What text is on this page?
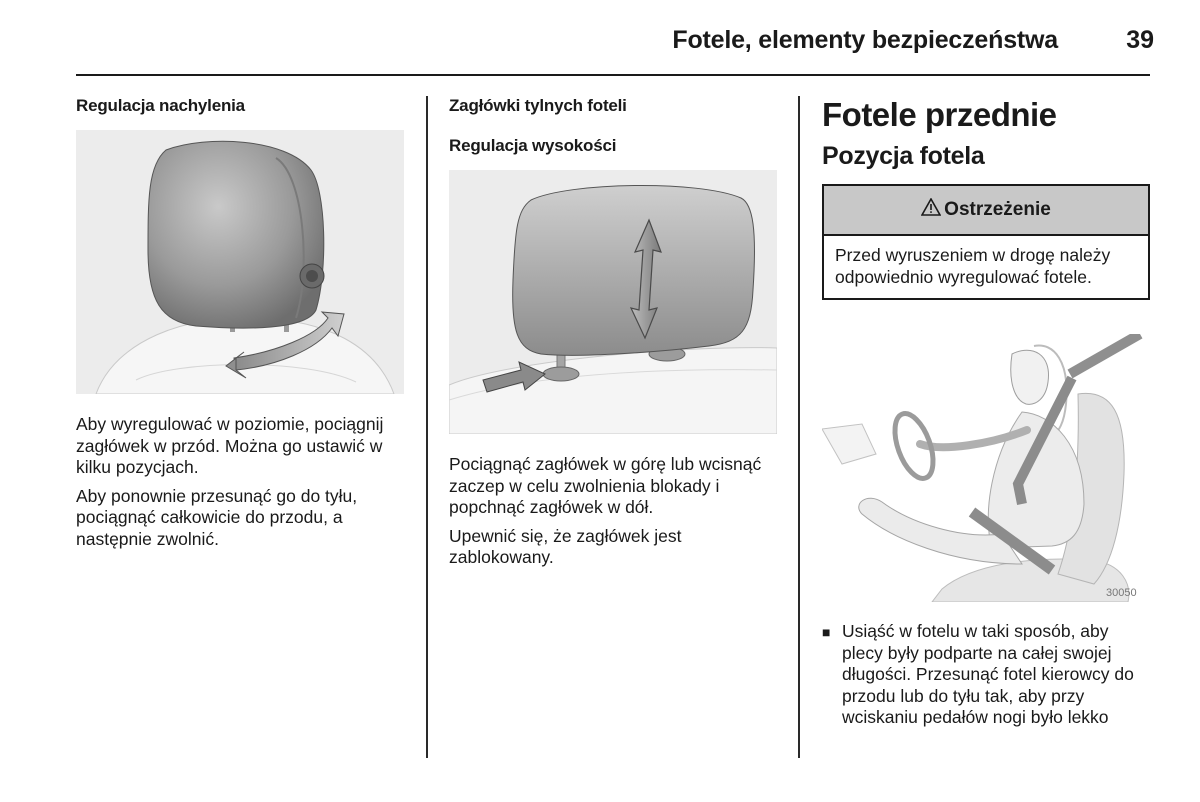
Fotele, elementy bezpieczeństwa	39

Regulacja nachylenia

Aby wyregulować w poziomie, pociągnij zagłówek w przód. Można go ustawić w kilku pozycjach.

Aby ponownie przesunąć go do tyłu, pociągnąć całkowicie do przodu, a następnie zwolnić.

Zagłówki tylnych foteli

Regulacja wysokości

Pociągnąć zagłówek w górę lub wcisnąć zaczep w celu zwolnienia blokady i popchnąć zagłówek w dół.

Upewnić się, że zagłówek jest zablokowany.

Fotele przednie

Pozycja fotela

Ostrzeżenie
Przed wyruszeniem w drogę należy odpowiednio wyregulować fotele.
30050
■ Usiąść w fotelu w taki sposób, aby plecy były podparte na całej swojej długości. Przesunąć fotel kierowcy do przodu lub do tyłu tak, aby przy wciskaniu pedałów nogi było lekko
